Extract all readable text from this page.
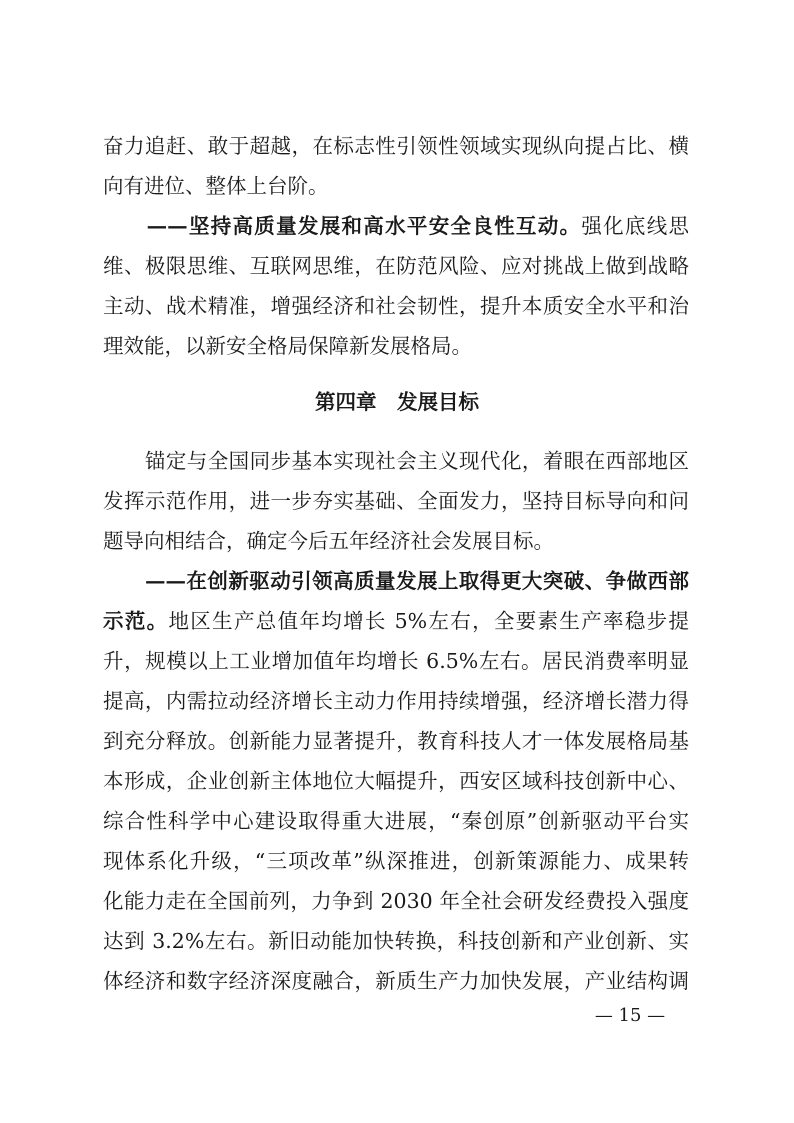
奋力追赶、敢于超越，在标志性引领性领域实现纵向提占比、横
向有进位、整体上台阶。
　　——坚持高质量发展和高水平安全良性互动。强化底线思
维、极限思维、互联网思维，在防范风险、应对挑战上做到战略
主动、战术精准，增强经济和社会韧性，提升本质安全水平和治
理效能，以新安全格局保障新发展格局。
第四章　发展目标
　　锚定与全国同步基本实现社会主义现代化，着眼在西部地区
发挥示范作用，进一步夯实基础、全面发力，坚持目标导向和问
题导向相结合，确定今后五年经济社会发展目标。
　　——在创新驱动引领高质量发展上取得更大突破、争做西部
示范。地区生产总值年均增长 5%左右，全要素生产率稳步提
升，规模以上工业增加值年均增长 6.5%左右。居民消费率明显
提高，内需拉动经济增长主动力作用持续增强，经济增长潜力得
到充分释放。创新能力显著提升，教育科技人才一体发展格局基
本形成，企业创新主体地位大幅提升，西安区域科技创新中心、
综合性科学中心建设取得重大进展，“秦创原”创新驱动平台实
现体系化升级，“三项改革”纵深推进，创新策源能力、成果转
化能力走在全国前列，力争到 2030 年全社会研发经费投入强度
达到 3.2%左右。新旧动能加快转换，科技创新和产业创新、实
体经济和数字经济深度融合，新质生产力加快发展，产业结构调
— 15 —
